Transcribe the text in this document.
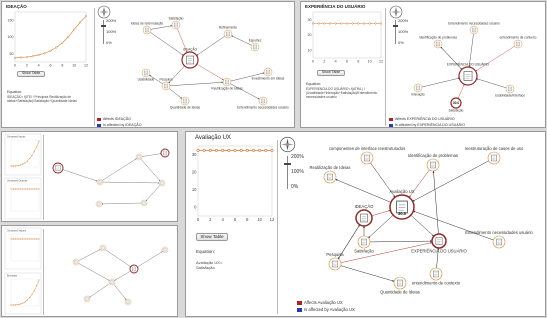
IDEAÇÃO
0	2	4	6	8 10 12
150
100
50
Show Table
Equation:
IDEAÇÃO= f(ITEI / Principais Reutilização de Ideias+Satisfação)/Satisfação+Quantidade Ideias
200%
100%
0%
Satisfação
Ideias de reformulação
Refinamento
Esportes
IDEAÇÃO
Pesquisa
Reutilização de Ideias
Usabilidade	Investimento em Ideias
Quantidade de Ideias	Entendimento necessidades usuário
Affects IDEAÇÃO
Is affected by IDEAÇÃO
EXPERIÊNCIA DO USUÁRIO
0	2	4	6	8 10 12
30
20
10
Show Table
Equation:
EXPERIENCIA DO USUÁRIO= f(ATRA ) / (Usabilidade+Interação+Satisfação)/Entendimento necessidades usuário
200%
100%
0%
Entendimento necessidades usuário
Identificação de problemas	entendimento de contexto
EXPERIÊNCIA DO USUÁRIO
30.0
Satisfação
Interação	Usabilidade/Interface
Affects EXPERIÊNCIA DO USUÁRIO
Is affected by EXPERIÊNCIA DO USUÁRIO
Unnamed Inputs
Unnamed Outputs
Unnamed Values
Entradas
Avaliação UX
0 2 4 6 8 10 12
30
20
10
0
Show Table
Equation:
Avaliação UX= Satisfação
200%
100%
0%
componentes de interface reestruturados
Identificação de problemas
reestruturação de casos de uso
Reutilização de Ideias
IDEAÇÃO
Avaliação UX
Satisfação
Entendimento necessidades usuário
EXPERIÊNCIA DO USUÁRIO
Pesquisa
entendimento de contexto
Quantidade de Ideias
30.0
Affects Avaliação UX
Is affected by Avaliação UX
